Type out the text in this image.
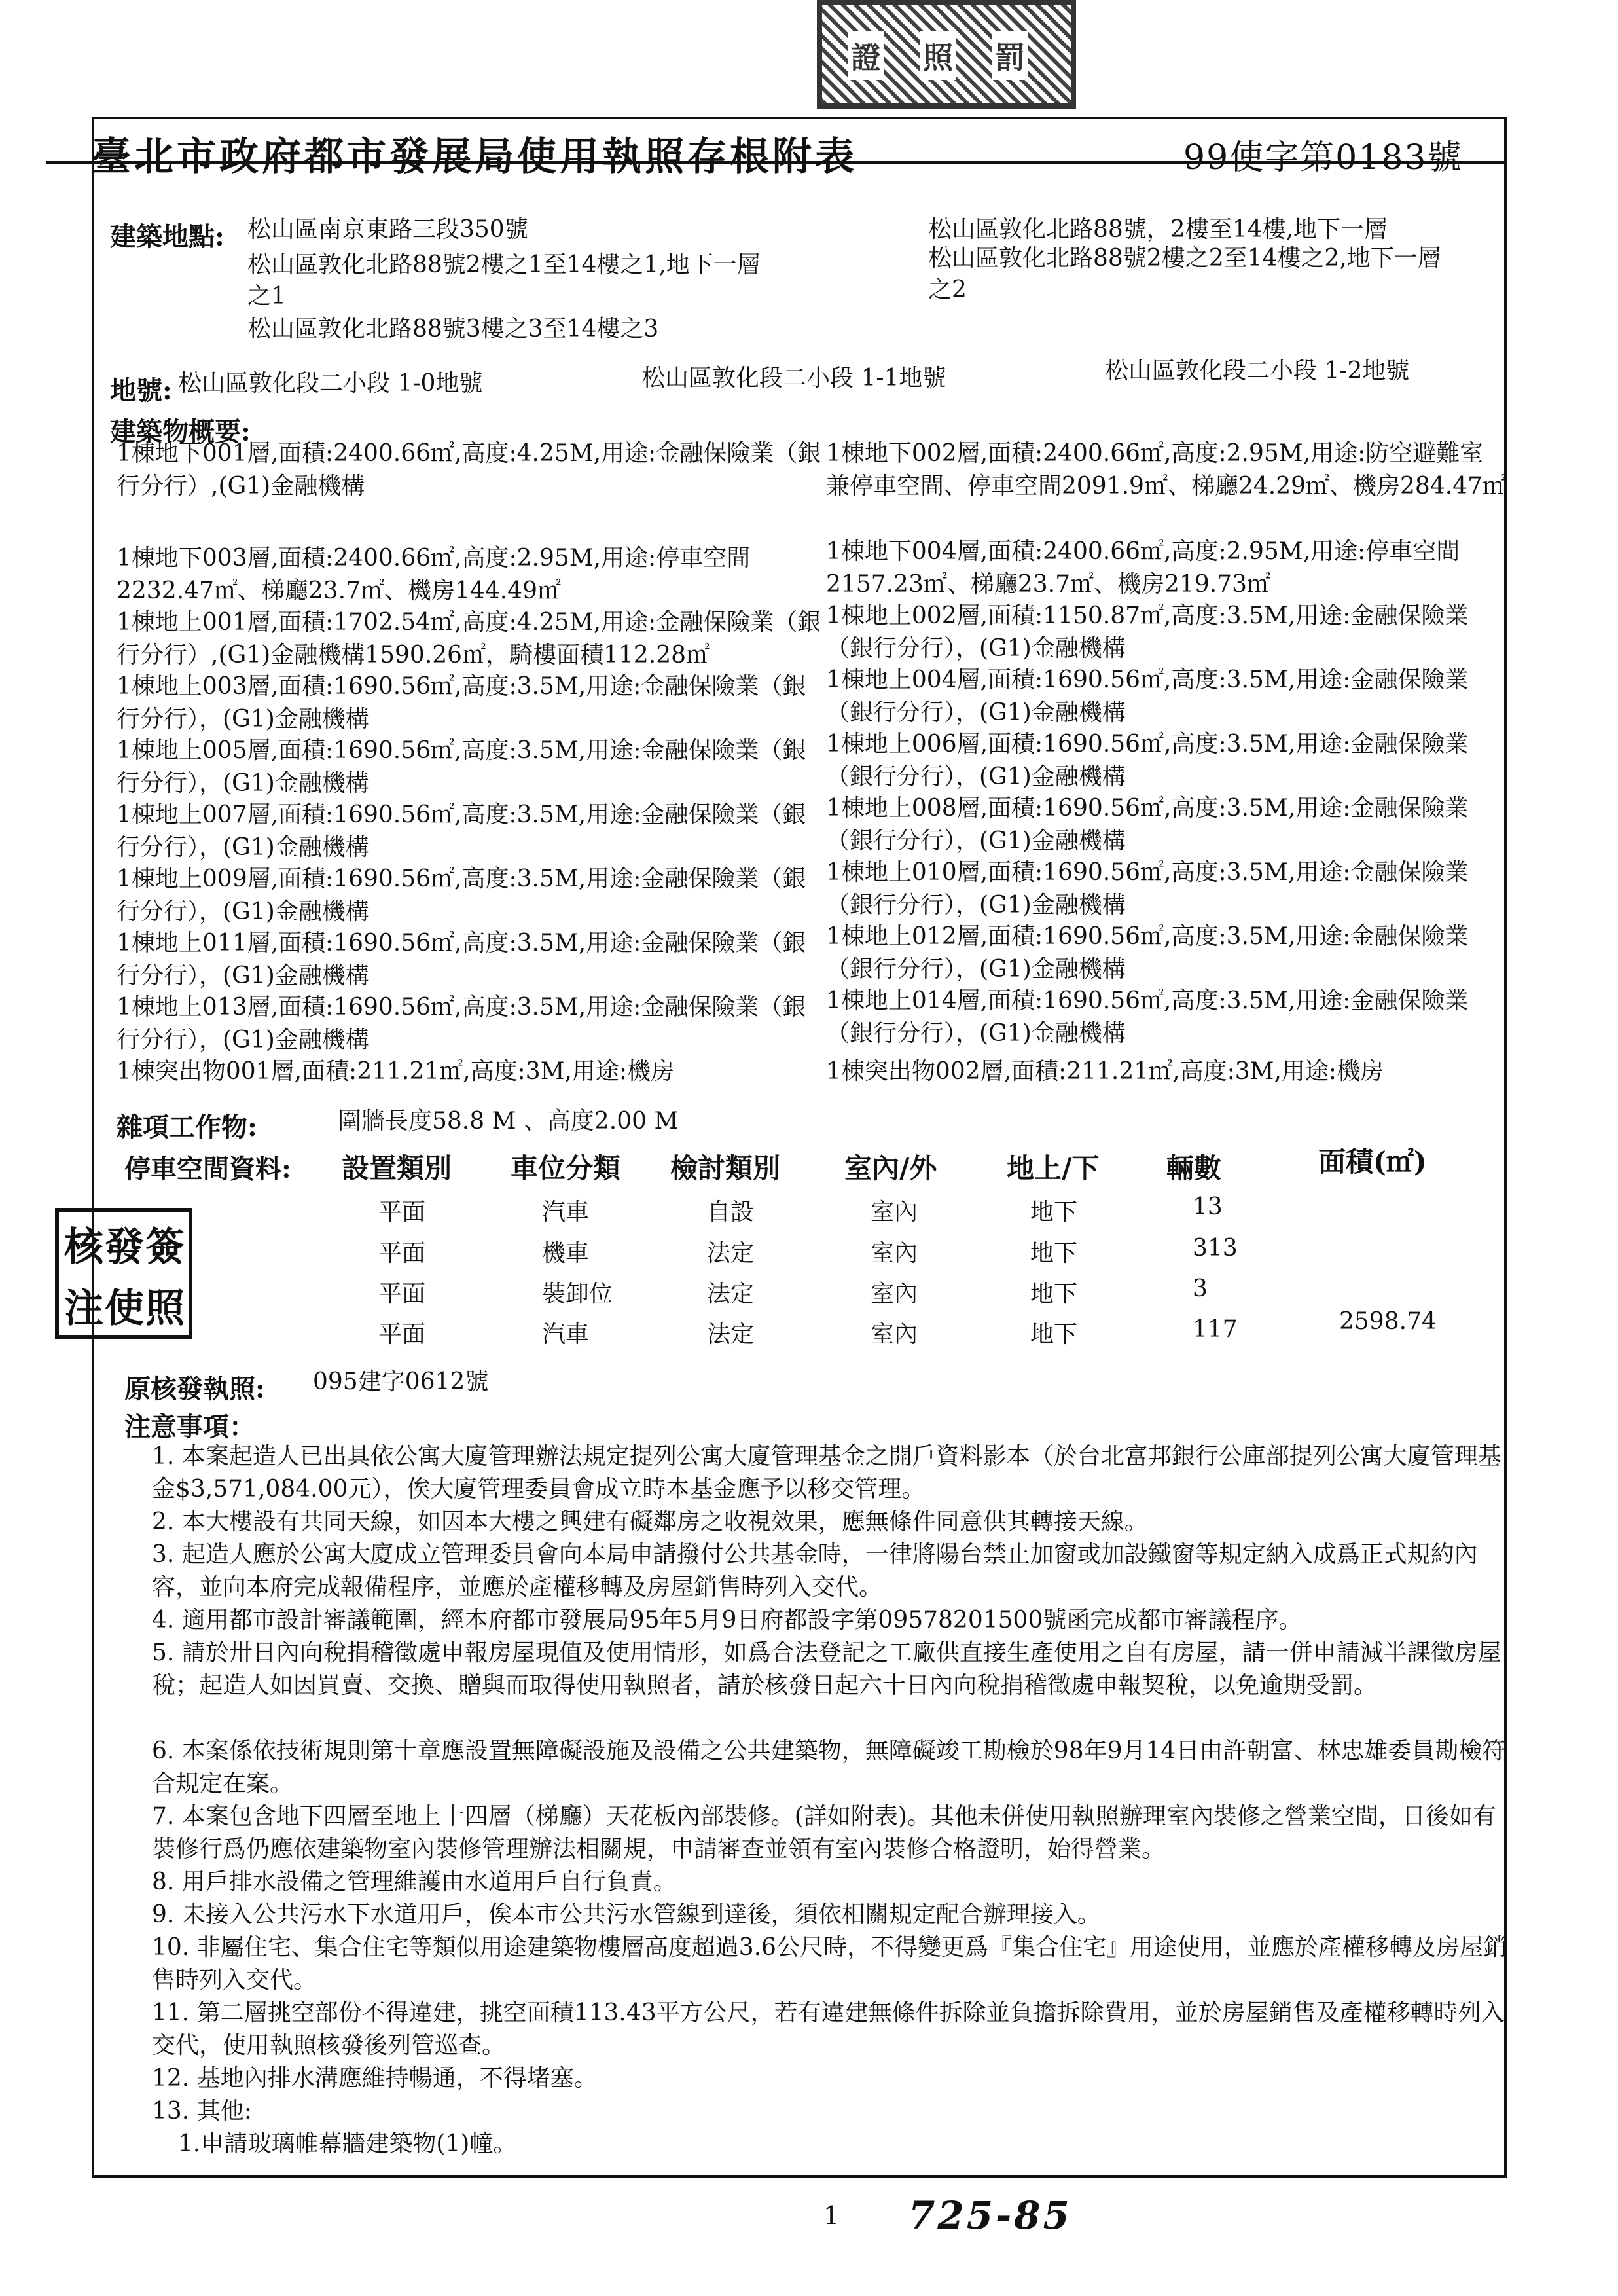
證 照 罰
臺北市政府都市發展局使用執照存根附表	99使字第0183號
建築地點: 松山區南京東路三段350號
松山區敦化北路88號2樓之1至14樓之1,地下一層
之1
松山區敦化北路88號3樓之3至14樓之3
松山區敦化北路88號，2樓至14樓,地下一層
松山區敦化北路88號2樓之2至14樓之2,地下一層
之2
地號: 松山區敦化段二小段 1-0地號	松山區敦化段二小段 1-1地號	松山區敦化段二小段 1-2地號
建築物概要:
1棟地下001層,面積:2400.66㎡,高度:4.25M,用途:金融保險業（銀行分行）,(G1)金融機構
1棟地下003層,面積:2400.66㎡,高度:2.95M,用途:停車空間2232.47㎡、梯廳23.7㎡、機房144.49㎡
1棟地上001層,面積:1702.54㎡,高度:4.25M,用途:金融保險業（銀行分行）,(G1)金融機構1590.26㎡，騎樓面積112.28㎡
1棟地上003層,面積:1690.56㎡,高度:3.5M,用途:金融保險業（銀行分行），(G1)金融機構
1棟地上005層,面積:1690.56㎡,高度:3.5M,用途:金融保險業（銀行分行），(G1)金融機構
1棟地上007層,面積:1690.56㎡,高度:3.5M,用途:金融保險業（銀行分行），(G1)金融機構
1棟地上009層,面積:1690.56㎡,高度:3.5M,用途:金融保險業（銀行分行），(G1)金融機構
1棟地上011層,面積:1690.56㎡,高度:3.5M,用途:金融保險業（銀行分行），(G1)金融機構
1棟地上013層,面積:1690.56㎡,高度:3.5M,用途:金融保險業（銀行分行），(G1)金融機構
1棟突出物001層,面積:211.21㎡,高度:3M,用途:機房
1棟地下002層,面積:2400.66㎡,高度:2.95M,用途:防空避難室兼停車空間、停車空間2091.9㎡、梯廳24.29㎡、機房284.47㎡
1棟地下004層,面積:2400.66㎡,高度:2.95M,用途:停車空間2157.23㎡、梯廳23.7㎡、機房219.73㎡
1棟地上002層,面積:1150.87㎡,高度:3.5M,用途:金融保險業（銀行分行），(G1)金融機構
1棟地上004層,面積:1690.56㎡,高度:3.5M,用途:金融保險業（銀行分行），(G1)金融機構
1棟地上006層,面積:1690.56㎡,高度:3.5M,用途:金融保險業（銀行分行），(G1)金融機構
1棟地上008層,面積:1690.56㎡,高度:3.5M,用途:金融保險業（銀行分行），(G1)金融機構
1棟地上010層,面積:1690.56㎡,高度:3.5M,用途:金融保險業（銀行分行），(G1)金融機構
1棟地上012層,面積:1690.56㎡,高度:3.5M,用途:金融保險業（銀行分行），(G1)金融機構
1棟地上014層,面積:1690.56㎡,高度:3.5M,用途:金融保險業（銀行分行），(G1)金融機構
1棟突出物002層,面積:211.21㎡,高度:3M,用途:機房
雜項工作物:	圍牆長度58.8 M 、高度2.00 M
停車空間資料: 設置類別 車位分類 檢討類別 室內/外	地上/下 輛數	面積(㎡)
平面	汽車	自設	室內	地下	13
平面	機車	法定	室內	地下	313
平面	裝卸位	法定	室內	地下	3
平面	汽車	法定	室內	地下	117	2598.74
核 發 簽
注 使 照
原核發執照: 095建字0612號
注意事項：
1. 本案起造人已出具依公寓大廈管理辦法規定提列公寓大廈管理基金之開戶資料影本（於台北富邦銀行公庫部提列公寓大廈管理基金$3,571,084.00元），俟大廈管理委員會成立時本基金應予以移交管理。
2. 本大樓設有共同天線，如因本大樓之興建有礙鄰房之收視效果，應無條件同意供其轉接天線。
3. 起造人應於公寓大廈成立管理委員會向本局申請撥付公共基金時，一律將陽台禁止加窗或加設鐵窗等規定納入成爲正式規約內容，並向本府完成報備程序，並應於產權移轉及房屋銷售時列入交代。
4. 適用都市設計審議範圍，經本府都市發展局95年5月9日府都設字第09578201500號函完成都市審議程序。
5. 請於卅日內向稅捐稽徵處申報房屋現值及使用情形，如爲合法登記之工廠供直接生產使用之自有房屋，請一併申請減半課徵房屋稅；起造人如因買賣、交換、贈與而取得使用執照者，請於核發日起六十日內向稅捐稽徵處申報契稅，以免逾期受罰。
6. 本案係依技術規則第十章應設置無障礙設施及設備之公共建築物，無障礙竣工勘檢於98年9月14日由許朝富、林忠雄委員勘檢符合規定在案。
7. 本案包含地下四層至地上十四層（梯廳）天花板內部裝修。(詳如附表)。其他未併使用執照辦理室內裝修之營業空間，日後如有裝修行爲仍應依建築物室內裝修管理辦法相關規，申請審查並領有室內裝修合格證明，始得營業。
8. 用戶排水設備之管理維護由水道用戶自行負責。
9. 未接入公共污水下水道用戶，俟本市公共污水管線到達後，須依相關規定配合辦理接入。
10. 非屬住宅、集合住宅等類似用途建築物樓層高度超過3.6公尺時，不得變更爲『集合住宅』用途使用，並應於產權移轉及房屋銷售時列入交代。
11. 第二層挑空部份不得違建，挑空面積113.43平方公尺，若有違建無條件拆除並負擔拆除費用，並於房屋銷售及產權移轉時列入交代，使用執照核發後列管巡查。
12. 基地內排水溝應維持暢通，不得堵塞。
13. 其他:
1.申請玻璃帷幕牆建築物(1)幢。
1 725-85
